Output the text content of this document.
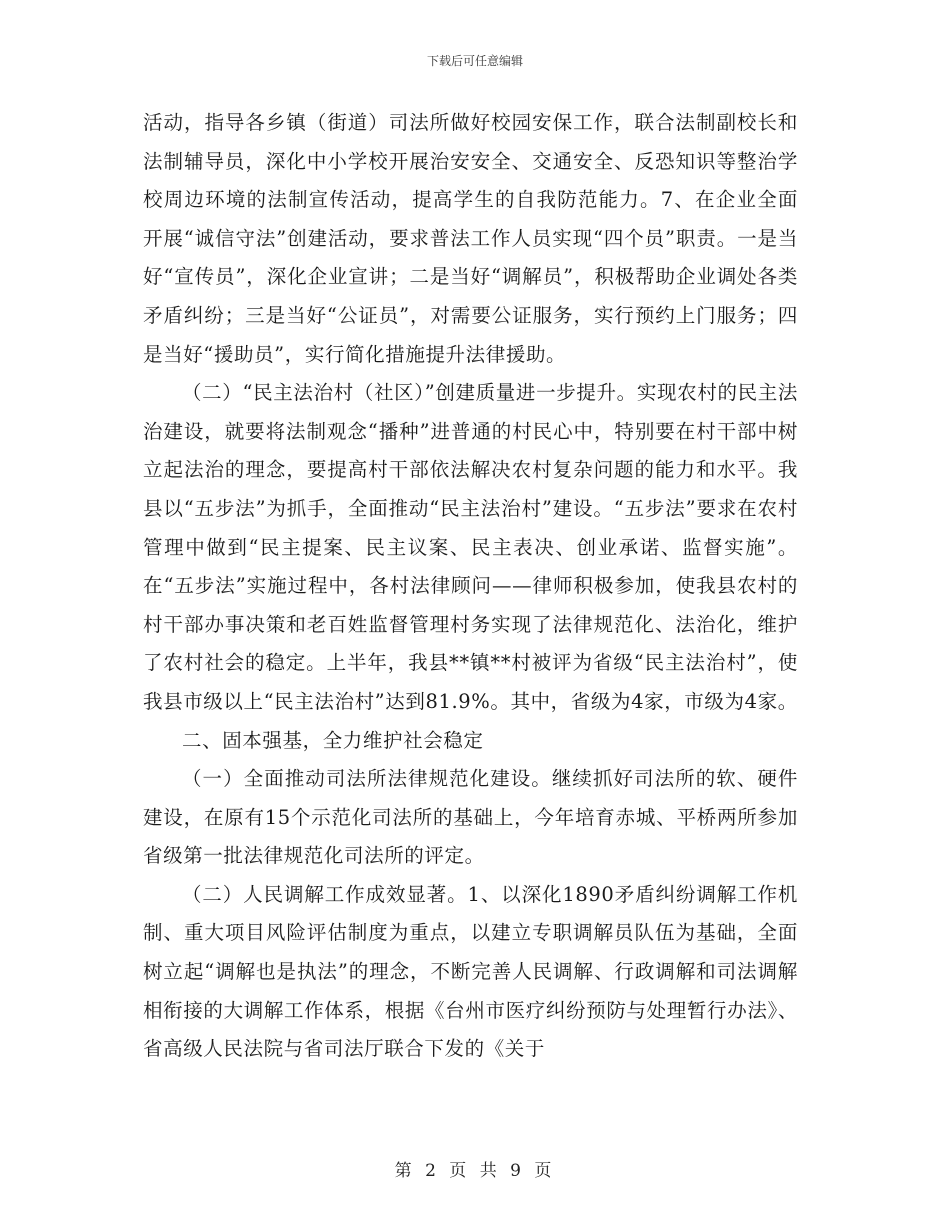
下载后可任意编辑

活动，指导各乡镇（街道）司法所做好校园安保工作，联合法制副校长和法制辅导员，深化中小学校开展治安安全、交通安全、反恐知识等整治学校周边环境的法制宣传活动，提高学生的自我防范能力。7、在企业全面开展“诚信守法”创建活动，要求普法工作人员实现“四个员”职责。一是当好“宣传员”，深化企业宣讲；二是当好“调解员”，积极帮助企业调处各类矛盾纠纷；三是当好“公证员”，对需要公证服务，实行预约上门服务；四是当好“援助员”，实行简化措施提升法律援助。

（二）“民主法治村（社区）”创建质量进一步提升。实现农村的民主法治建设，就要将法制观念“播种”进普通的村民心中，特别要在村干部中树立起法治的理念，要提高村干部依法解决农村复杂问题的能力和水平。我县以“五步法”为抓手，全面推动“民主法治村”建设。“五步法”要求在农村管理中做到“民主提案、民主议案、民主表决、创业承诺、监督实施”。在“五步法”实施过程中，各村法律顾问——律师积极参加，使我县农村的村干部办事决策和老百姓监督管理村务实现了法律规范化、法治化，维护了农村社会的稳定。上半年，我县**镇**村被评为省级“民主法治村”，使我县市级以上“民主法治村”达到81.9%。其中，省级为4家，市级为4家。

二、固本强基，全力维护社会稳定

（一）全面推动司法所法律规范化建设。继续抓好司法所的软、硬件建设，在原有15个示范化司法所的基础上，今年培育赤城、平桥两所参加省级第一批法律规范化司法所的评定。

（二）人民调解工作成效显著。1、以深化1890矛盾纠纷调解工作机制、重大项目风险评估制度为重点，以建立专职调解员队伍为基础，全面树立起“调解也是执法”的理念，不断完善人民调解、行政调解和司法调解相衔接的大调解工作体系，根据《台州市医疗纠纷预防与处理暂行办法》、省高级人民法院与省司法厅联合下发的《关于

第 2 页 共 9 页
